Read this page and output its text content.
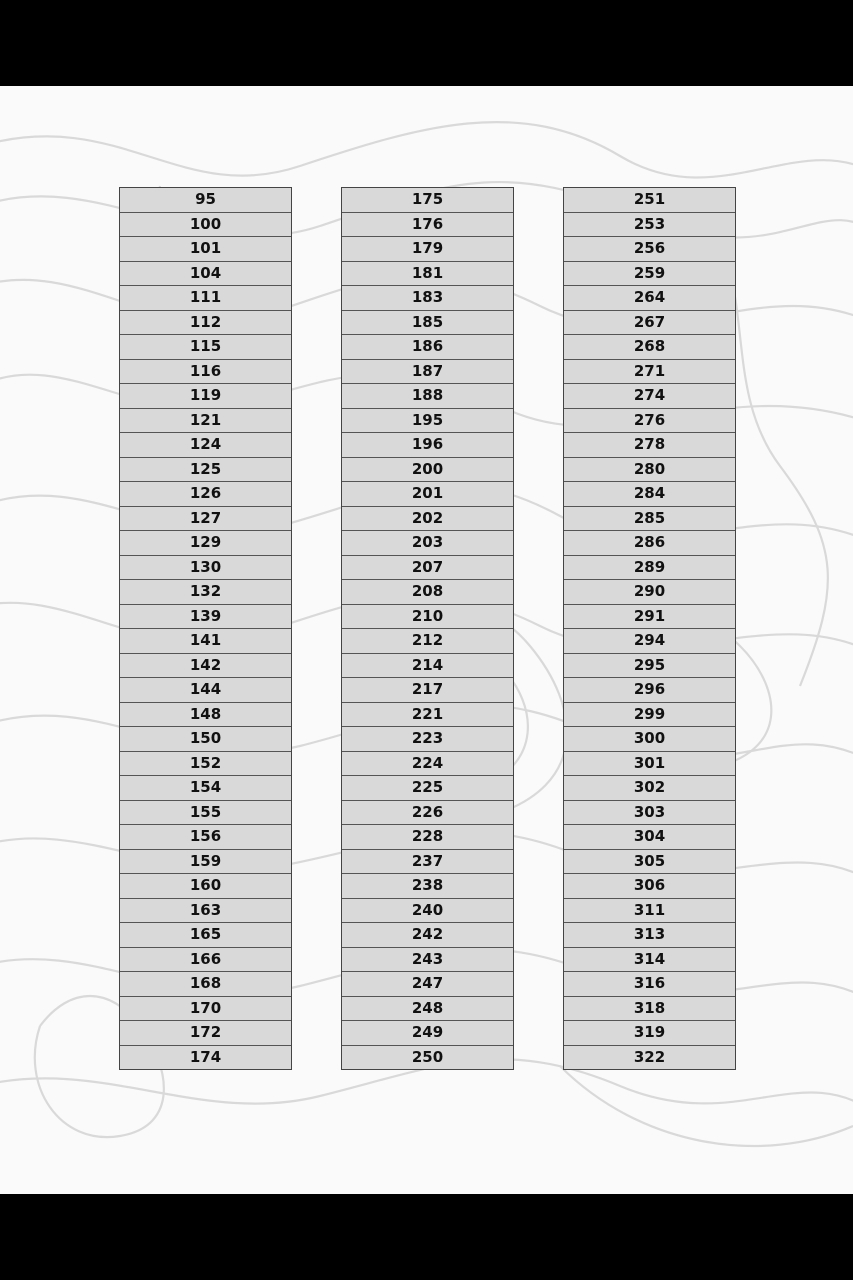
95
100
101
104
111
112
115
116
119
121
124
125
126
127
129
130
132
139
141
142
144
148
150
152
154
155
156
159
160
163
165
166
168
170
172
174
175
176
179
181
183
185
186
187
188
195
196
200
201
202
203
207
208
210
212
214
217
221
223
224
225
226
228
237
238
240
242
243
247
248
249
250
251
253
256
259
264
267
268
271
274
276
278
280
284
285
286
289
290
291
294
295
296
299
300
301
302
303
304
305
306
311
313
314
316
318
319
322
